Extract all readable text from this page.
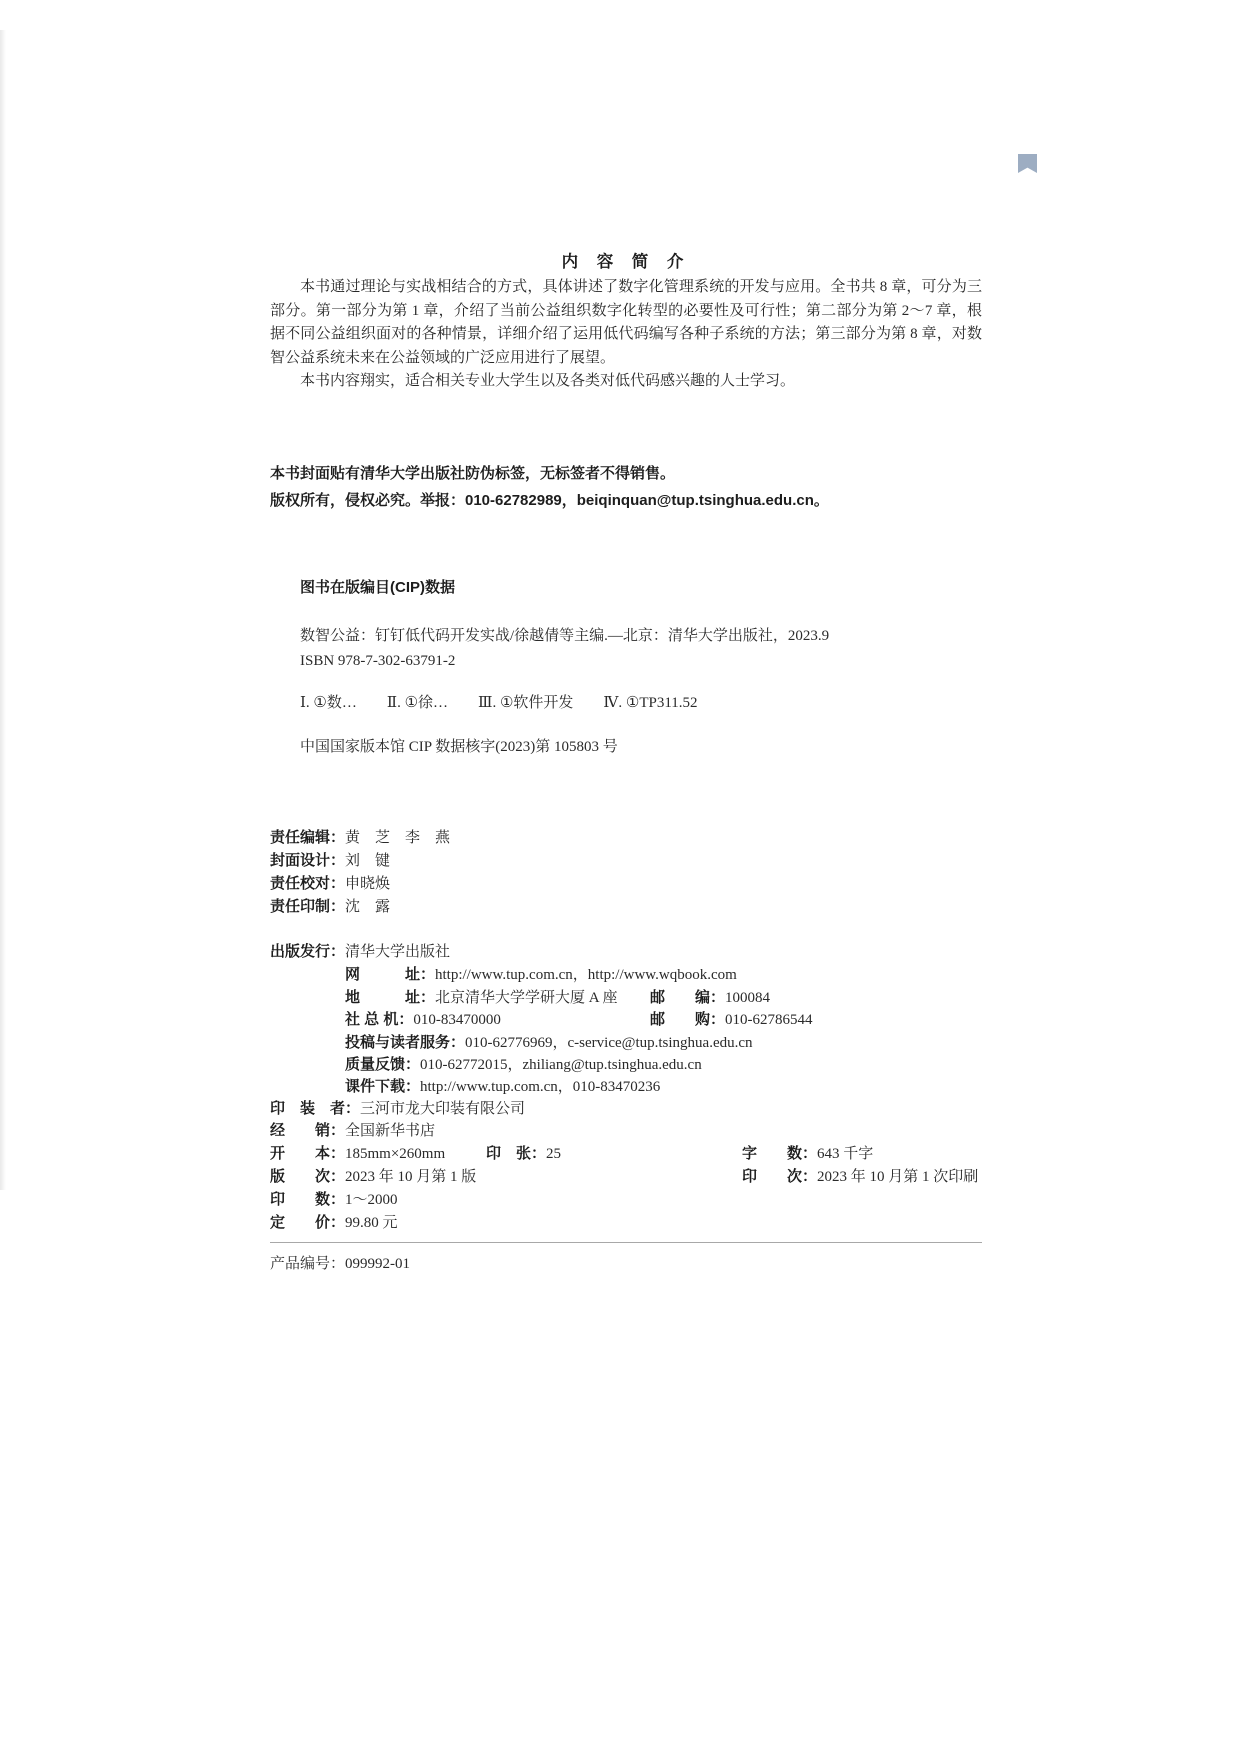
内 容 简 介

本书通过理论与实战相结合的方式，具体讲述了数字化管理系统的开发与应用。全书共 8 章，可分为三部分。第一部分为第 1 章，介绍了当前公益组织数字化转型的必要性及可行性；第二部分为第 2～7 章，根据不同公益组织面对的各种情景，详细介绍了运用低代码编写各种子系统的方法；第三部分为第 8 章，对数智公益系统未来在公益领域的广泛应用进行了展望。

本书内容翔实，适合相关专业大学生以及各类对低代码感兴趣的人士学习。

本书封面贴有清华大学出版社防伪标签，无标签者不得销售。
版权所有，侵权必究。举报：010-62782989，beiqinquan@tup.tsinghua.edu.cn。
图书在版编目(CIP)数据
数智公益：钉钉低代码开发实战/徐越倩等主编.—北京：清华大学出版社，2023.9
ISBN 978-7-302-63791-2
Ⅰ. ①数…　　Ⅱ. ①徐…　　Ⅲ. ①软件开发　　Ⅳ. ①TP311.52
中国国家版本馆 CIP 数据核字(2023)第 105803 号
责任编辑：黄　芝　李　燕
封面设计：刘　键
责任校对：申晓焕
责任印制：沈　露
出版发行：清华大学出版社
网　　　址：http://www.tup.com.cn，http://www.wqbook.com
地　　　址：北京清华大学学研大厦 A 座 邮　　编：100084
社 总 机：010-83470000	邮　　购：010-62786544
投稿与读者服务：010-62776969，c-service@tup.tsinghua.edu.cn
质量反馈：010-62772015，zhiliang@tup.tsinghua.edu.cn
课件下载：http://www.tup.com.cn，010-83470236
印　装　者：三河市龙大印装有限公司
经　　销：全国新华书店
开　　本：185mm×260mm	印　张：25	字　　数：643 千字
版　　次：2023 年 10 月第 1 版	印　　次：2023 年 10 月第 1 次印刷
印　　数：1～2000
定　　价：99.80 元
产品编号：099992-01
